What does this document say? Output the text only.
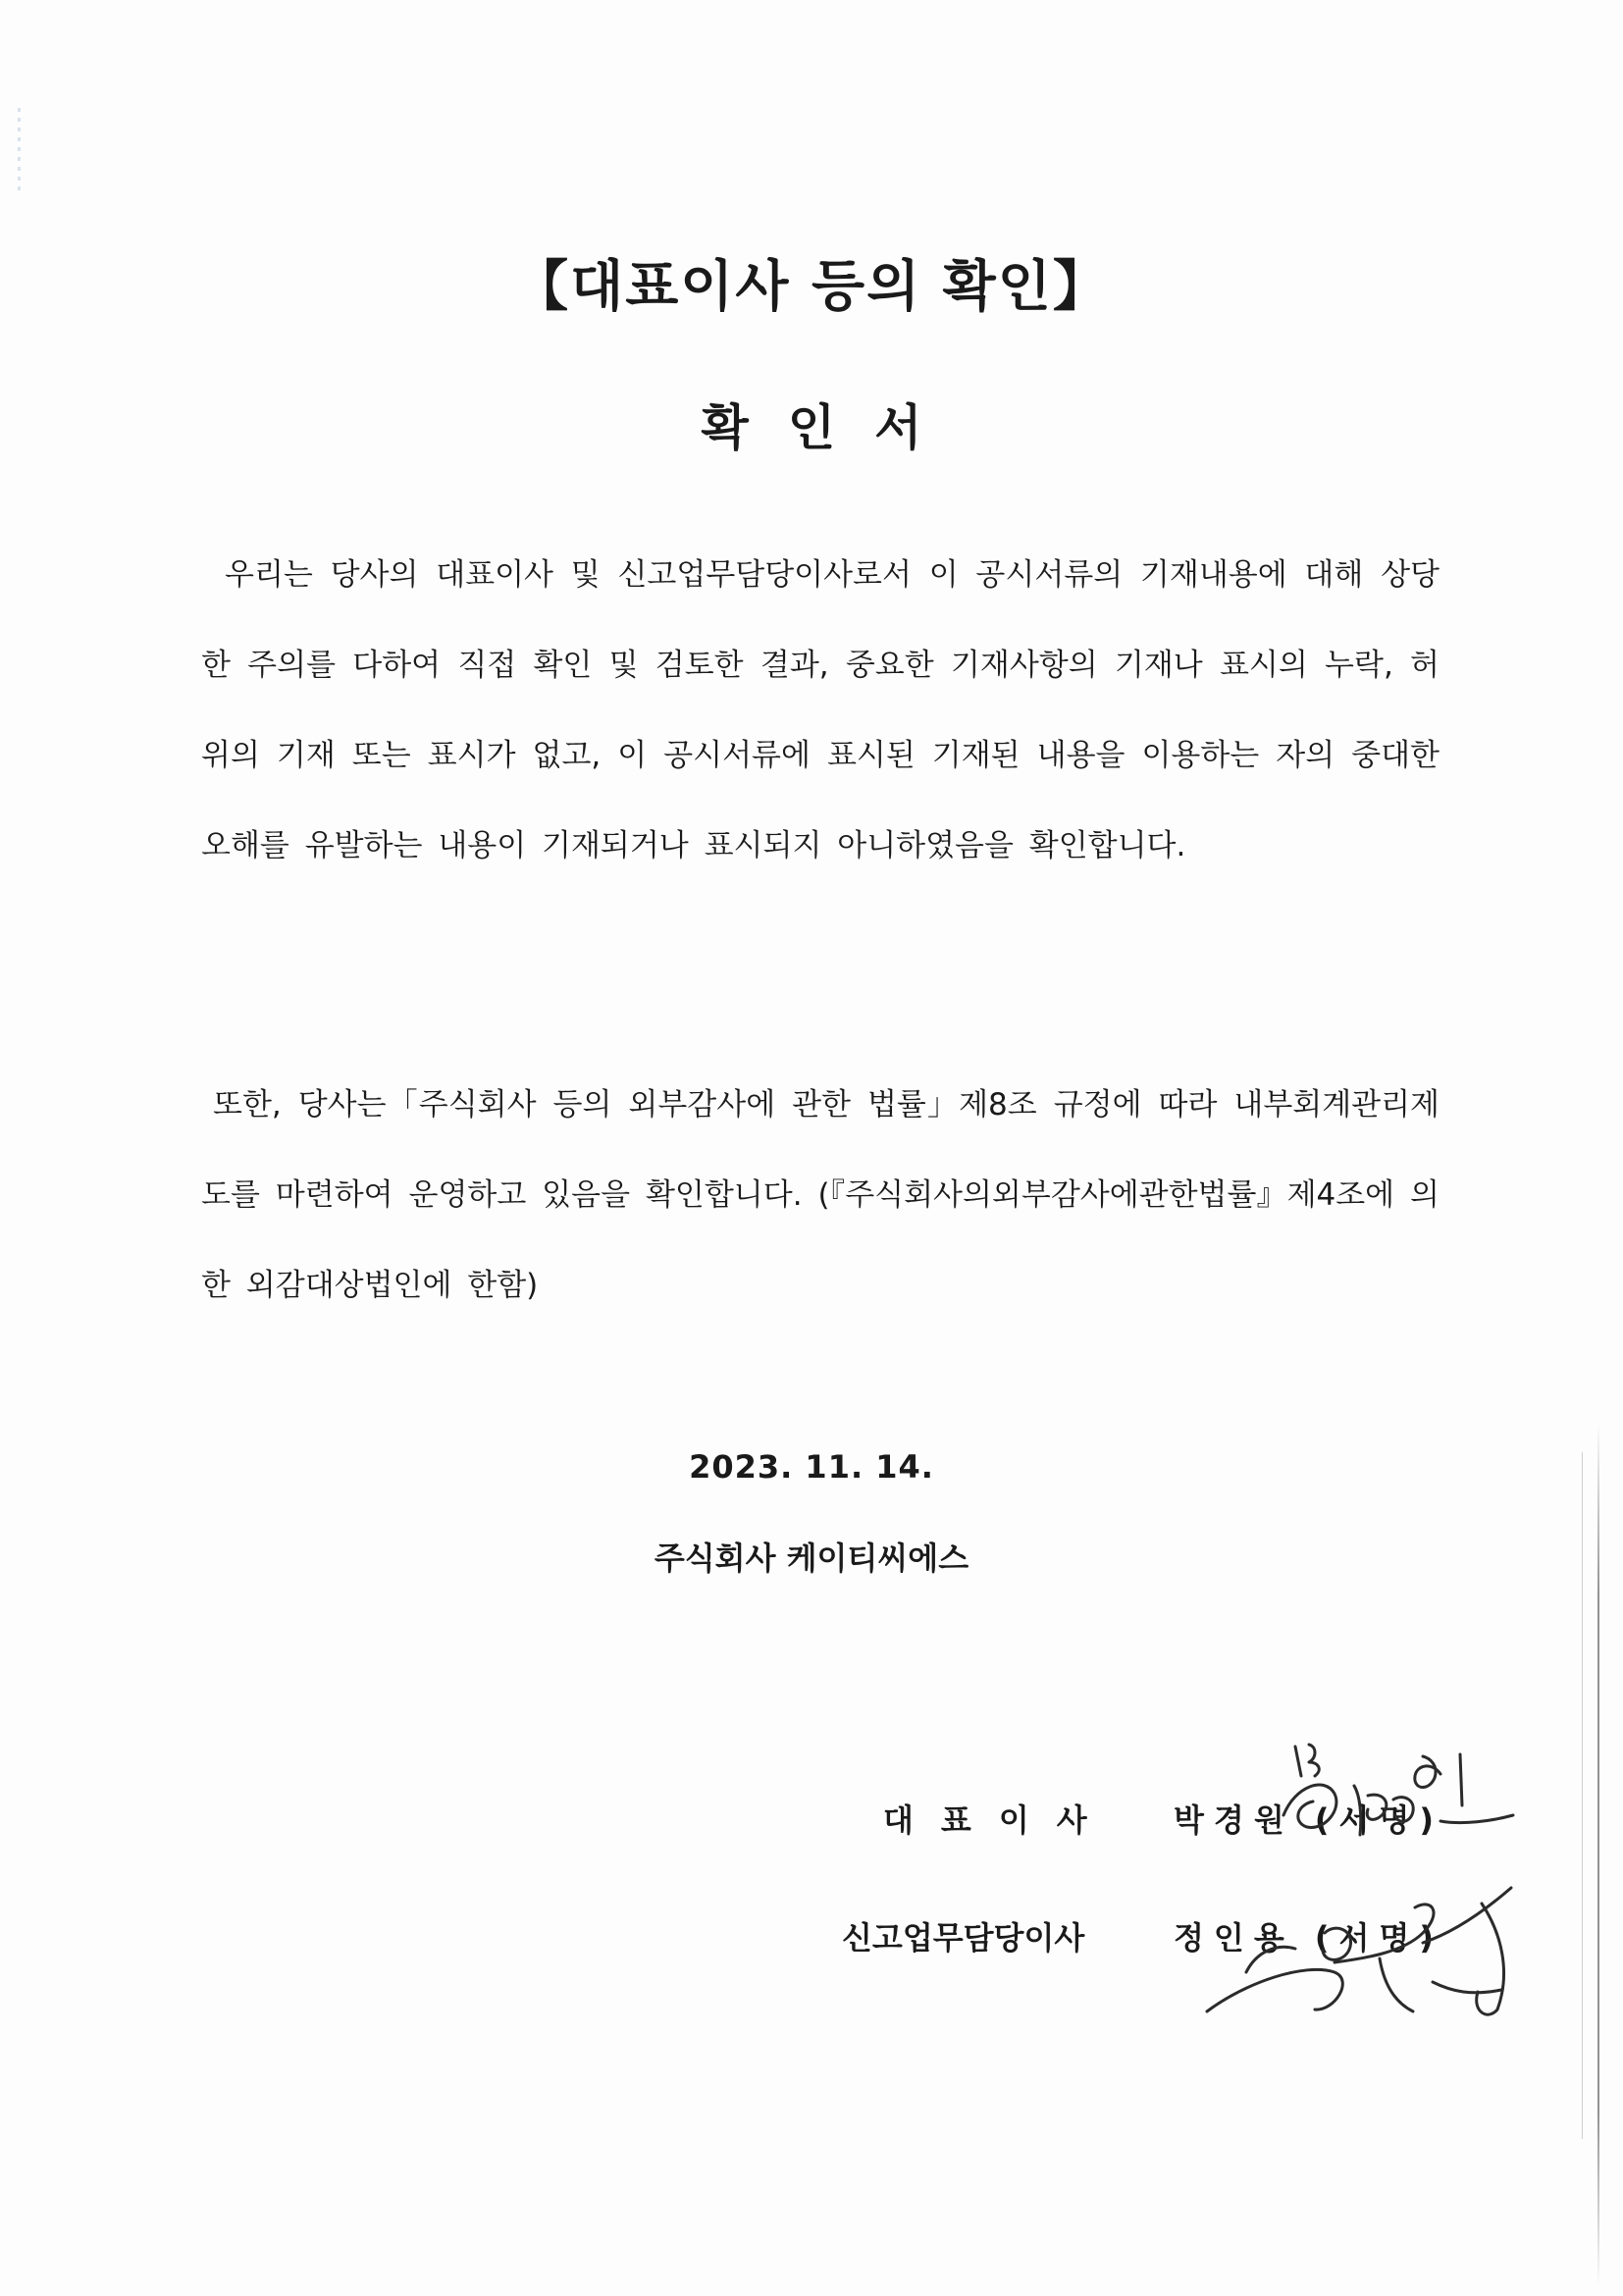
【대표이사 등의 확인】
확인서

우리는 당사의 대표이사 및 신고업무담당이사로서 이 공시서류의 기재내용에 대해 상당한 주의를 다하여 직접 확인 및 검토한 결과, 중요한 기재사항의 기재나 표시의 누락, 허위의 기재 또는 표시가 없고, 이 공시서류에 표시된 기재된 내용을 이용하는 자의 중대한 오해를 유발하는 내용이 기재되거나 표시되지 아니하였음을 확인합니다.

또한, 당사는「주식회사 등의 외부감사에 관한 법률」제8조 규정에 따라 내부회계관리제도를 마련하여 운영하고 있음을 확인합니다. (『주식회사의외부감사에관한법률』제4조에 의한 외감대상법인에 한함)

2023. 11. 14.
주식회사 케이티씨에스
대표이사 박경원 (서명)
신고업무담당이사	정인용 (서명)
